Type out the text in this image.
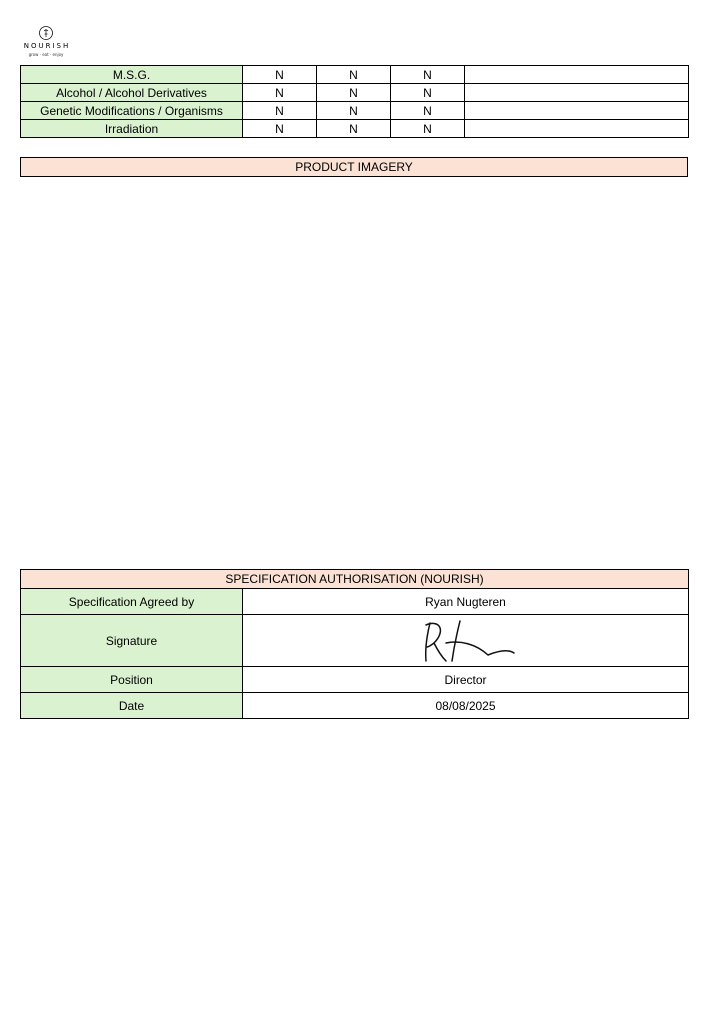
NOURISH
grow · eat · enjoy
M.S.G.	N	N	N	
Alcohol / Alcohol Derivatives	N	N	N	
Genetic Modifications / Organisms	N	N	N	
Irradiation	N	N	N	
PRODUCT IMAGERY
SPECIFICATION AUTHORISATION (NOURISH)	
Specification Agreed by	Ryan Nugteren
Signature	

Position	Director
Date	08/08/2025
